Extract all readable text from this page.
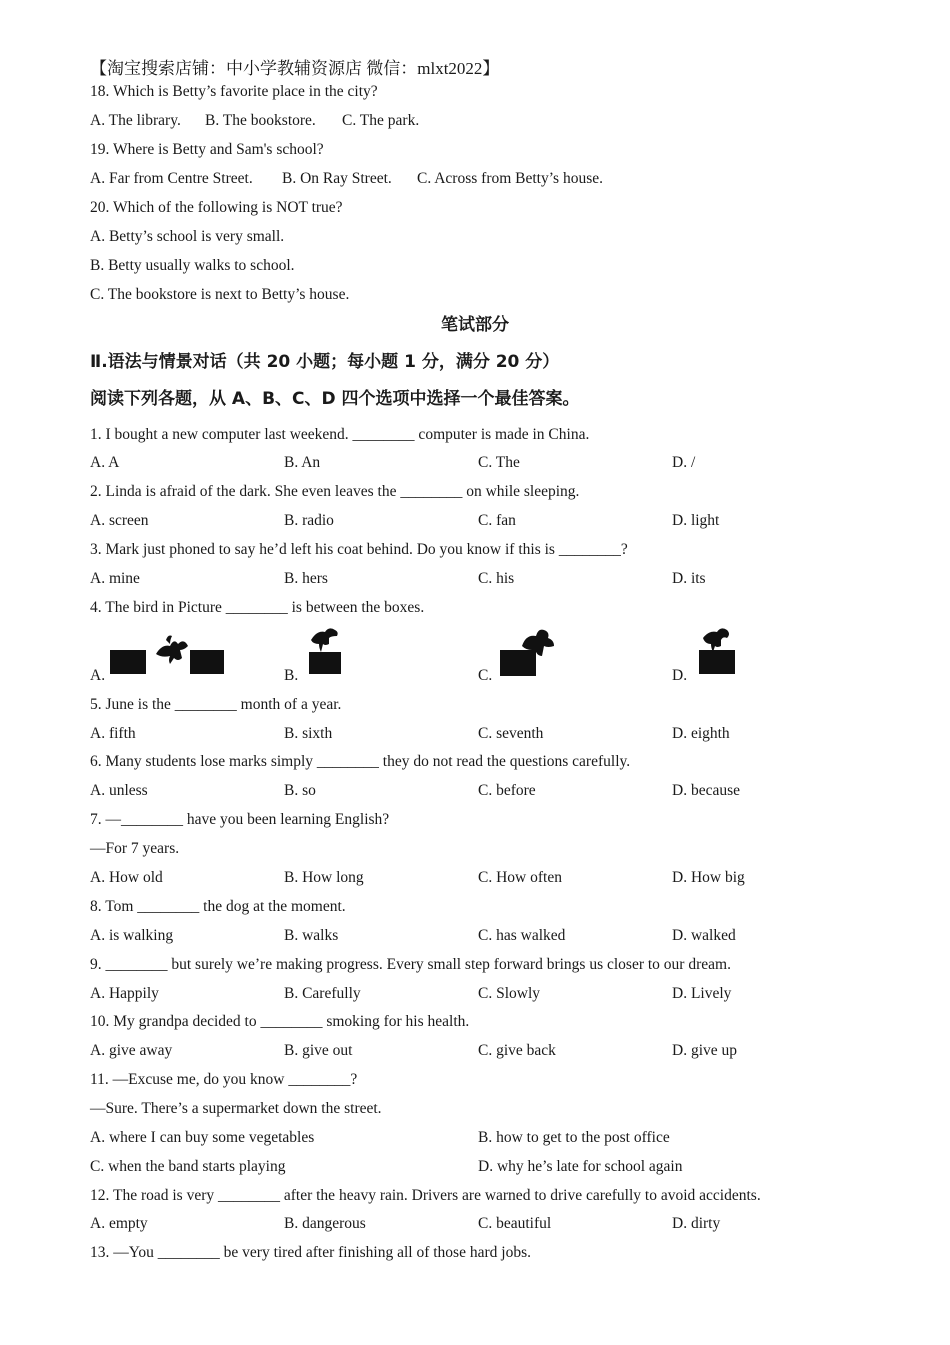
【淘宝搜索店铺：中小学教辅资源店 微信：mlxt2022】
18. Which is Betty’s favorite place in the city?
A. The library. B. The bookstore. C. The park.
19. Where is Betty and Sam's school?
A. Far from Centre Street. B. On Ray Street. C. Across from Betty’s house.
20. Which of the following is NOT true?
A. Betty’s school is very small.
B. Betty usually walks to school.
C. The bookstore is next to Betty’s house.
笔试部分
Ⅱ.语法与情景对话（共 20 小题；每小题 1 分，满分 20 分）
阅读下列各题，从 A、B、C、D 四个选项中选择一个最佳答案。
1. I bought a new computer last weekend. ________ computer is made in China.
A. A	B. An	C. The	D. /
2. Linda is afraid of the dark. She even leaves the ________ on while sleeping.
A. screen	B. radio	C. fan	D. light
3. Mark just phoned to say he’d left his coat behind. Do you know if this is ________?
A. mine	B. hers	C. his	D. its
4. The bird in Picture ________ is between the boxes.
A.	B.	C.	D.
5. June is the ________ month of a year.
A. fifth	B. sixth	C. seventh	D. eighth
6. Many students lose marks simply ________ they do not read the questions carefully.
A. unless	B. so	C. before	D. because
7. —________ have you been learning English?
—For 7 years.
A. How old	B. How long	C. How often	D. How big
8. Tom ________ the dog at the moment.
A. is walking	B. walks	C. has walked	D. walked
9. ________ but surely we’re making progress. Every small step forward brings us closer to our dream.
A. Happily	B. Carefully	C. Slowly	D. Lively
10. My grandpa decided to ________ smoking for his health.
A. give away	B. give out	C. give back	D. give up
11. —Excuse me, do you know ________?
—Sure. There’s a supermarket down the street.
A. where I can buy some vegetables	B. how to get to the post office
C. when the band starts playing	D. why he’s late for school again
12. The road is very ________ after the heavy rain. Drivers are warned to drive carefully to avoid accidents.
A. empty	B. dangerous	C. beautiful	D. dirty
13. —You ________ be very tired after finishing all of those hard jobs.
